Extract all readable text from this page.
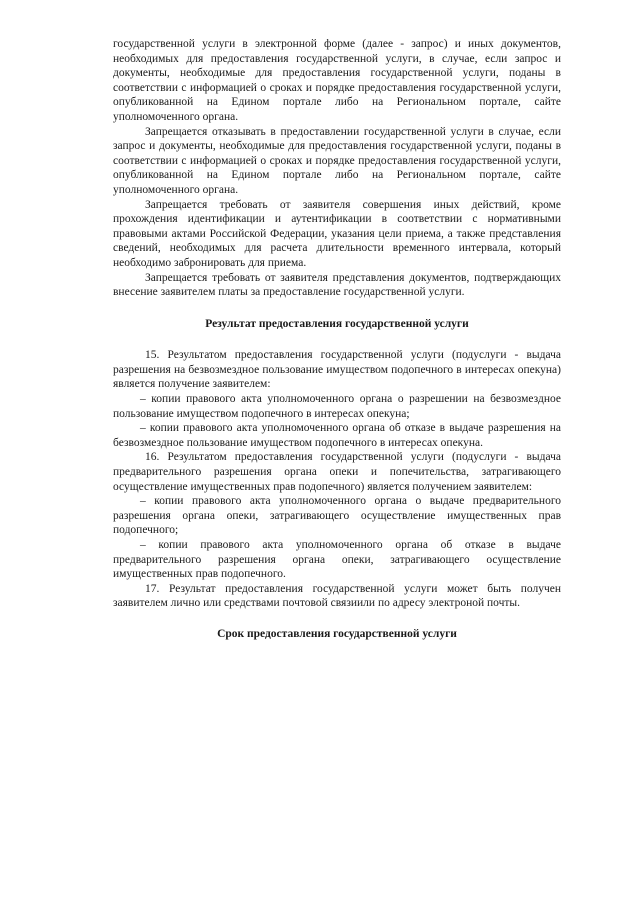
государственной услуги в электронной форме (далее - запрос) и иных документов, необходимых для предоставления государственной услуги, в случае, если запрос и документы, необходимые для предоставления государственной услуги, поданы в соответствии с информацией о сроках и порядке предоставления государственной услуги, опубликованной на Едином портале либо на Региональном портале, сайте уполномоченного органа.

Запрещается отказывать в предоставлении государственной услуги в случае, если запрос и документы, необходимые для предоставления государственной услуги, поданы в соответствии с информацией о сроках и порядке предоставления государственной услуги, опубликованной на Едином портале либо на Региональном портале, сайте уполномоченного органа.

Запрещается требовать от заявителя совершения иных действий, кроме прохождения идентификации и аутентификации в соответствии с нормативными правовыми актами Российской Федерации, указания цели приема, а также представления сведений, необходимых для расчета длительности временного интервала, который необходимо забронировать для приема.

Запрещается требовать от заявителя представления документов, подтверждающих внесение заявителем платы за предоставление государственной услуги.

Результат предоставления государственной услуги

15. Результатом предоставления государственной услуги (подуслуги - выдача разрешения на безвозмездное пользование имуществом подопечного в интересах опекуна) является получение заявителем:

– копии правового акта уполномоченного органа о разрешении на безвозмездное пользование имуществом подопечного в интересах опекуна;

– копии правового акта уполномоченного органа об отказе в выдаче разрешения на безвозмездное пользование имуществом подопечного в интересах опекуна.

16. Результатом предоставления государственной услуги (подуслуги - выдача предварительного разрешения органа опеки и попечительства, затрагивающего осуществление имущественных прав подопечного) является получением заявителем:

– копии правового акта уполномоченного органа о выдаче предварительного разрешения органа опеки, затрагивающего осуществление имущественных прав подопечного;

– копии правового акта уполномоченного органа об отказе в выдаче предварительного разрешения органа опеки, затрагивающего осуществление имущественных прав подопечного.

17. Результат предоставления государственной услуги может быть получен заявителем лично или средствами почтовой связиили по адресу электроной почты.

Срок предоставления государственной услуги
